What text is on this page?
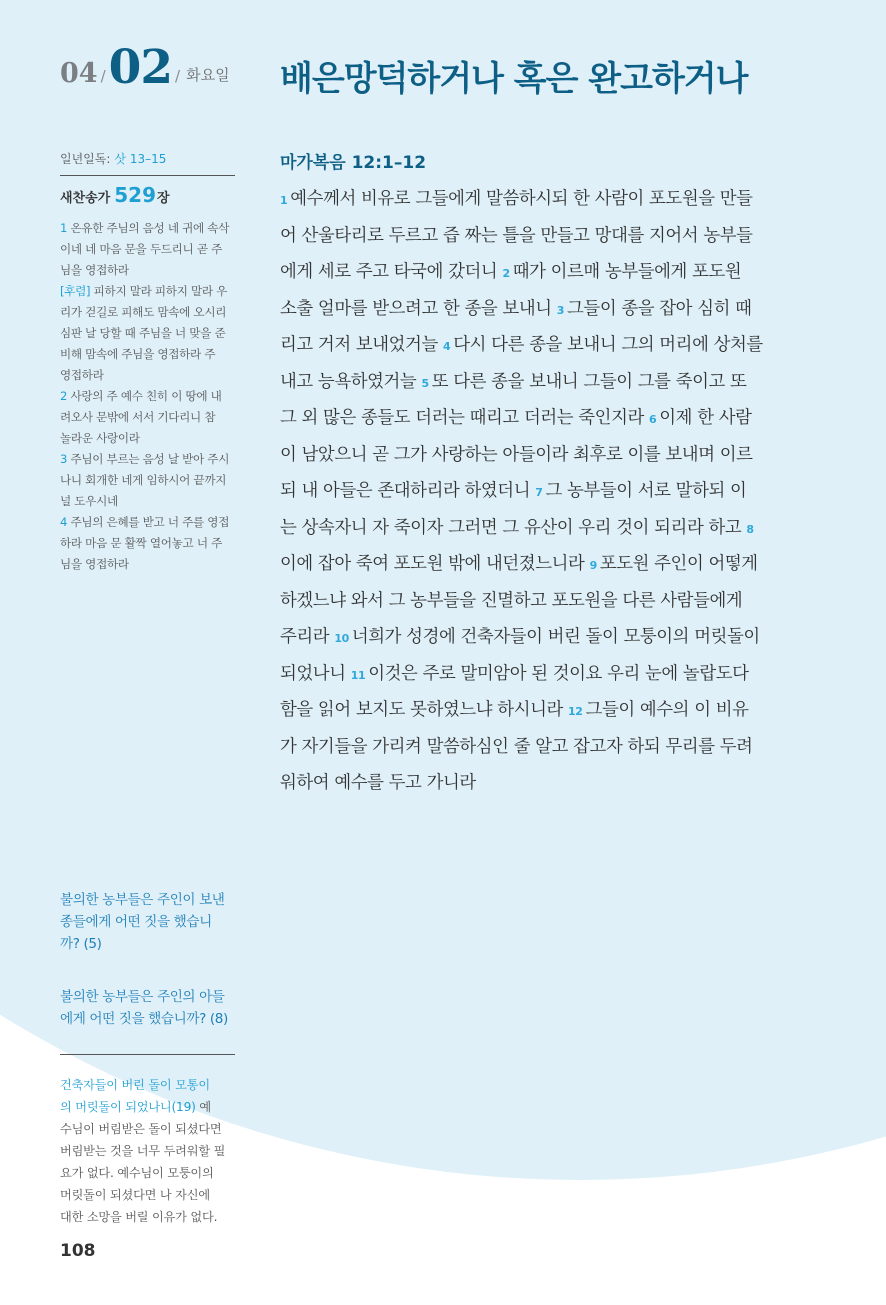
04 / 02 / 화요일 배은망덕하거나 혹은 완고하거나
일년일독: 삿 13–15
새찬송가 529장

1 온유한 주님의 음성 네 귀에 속삭
이네 네 마음 문을 두드리니 곧 주
님을 영접하라

[후렴] 피하지 말라 피하지 말라 우
리가 걷길로 피해도 맘속에 오시리
심판 날 당할 때 주님을 너 맞을 준
비해 맘속에 주님을 영접하라 주
영접하라

2 사랑의 주 예수 친히 이 땅에 내
려오사 문밖에 서서 기다리니 참
놀라운 사랑이라

3 주님이 부르는 음성 날 받아 주시
나니 회개한 네게 임하시어 끝까지
널 도우시네

4 주님의 은혜를 받고 너 주를 영접
하라 마음 문 활짝 열어놓고 너 주
님을 영접하라

불의한 농부들은 주인이 보낸
종들에게 어떤 짓을 했습니
까? (5)

불의한 농부들은 주인의 아들
에게 어떤 짓을 했습니까? (8)

건축자들이 버린 돌이 모통이
의 머릿돌이 되었나니(19) 예
수님이 버림받은 돌이 되셨다면
버림받는 것을 너무 두려워할 필
요가 없다. 예수님이 모퉁이의
머릿돌이 되셨다면 나 자신에
대한 소망을 버릴 이유가 없다.
108
마가복음 12:1–12
1 예수께서 비유로 그들에게 말씀하시되 한 사람이 포도원을 만들
어 산울타리로 두르고 즙 짜는 틀을 만들고 망대를 지어서 농부들
에게 세로 주고 타국에 갔더니 2 때가 이르매 농부들에게 포도원
소출 얼마를 받으려고 한 종을 보내니 3 그들이 종을 잡아 심히 때
리고 거저 보내었거늘 4 다시 다른 종을 보내니 그의 머리에 상처를
내고 능욕하였거늘 5 또 다른 종을 보내니 그들이 그를 죽이고 또
그 외 많은 종들도 더러는 때리고 더러는 죽인지라 6 이제 한 사람
이 남았으니 곧 그가 사랑하는 아들이라 최후로 이를 보내며 이르
되 내 아들은 존대하리라 하였더니 7 그 농부들이 서로 말하되 이
는 상속자니 자 죽이자 그러면 그 유산이 우리 것이 되리라 하고 8
이에 잡아 죽여 포도원 밖에 내던졌느니라 9 포도원 주인이 어떻게
하겠느냐 와서 그 농부들을 진멸하고 포도원을 다른 사람들에게
주리라 10 너희가 성경에 건축자들이 버린 돌이 모퉁이의 머릿돌이
되었나니 11 이것은 주로 말미암아 된 것이요 우리 눈에 놀랍도다
함을 읽어 보지도 못하였느냐 하시니라 12 그들이 예수의 이 비유
가 자기들을 가리켜 말씀하심인 줄 알고 잡고자 하되 무리를 두려
워하여 예수를 두고 가니라
